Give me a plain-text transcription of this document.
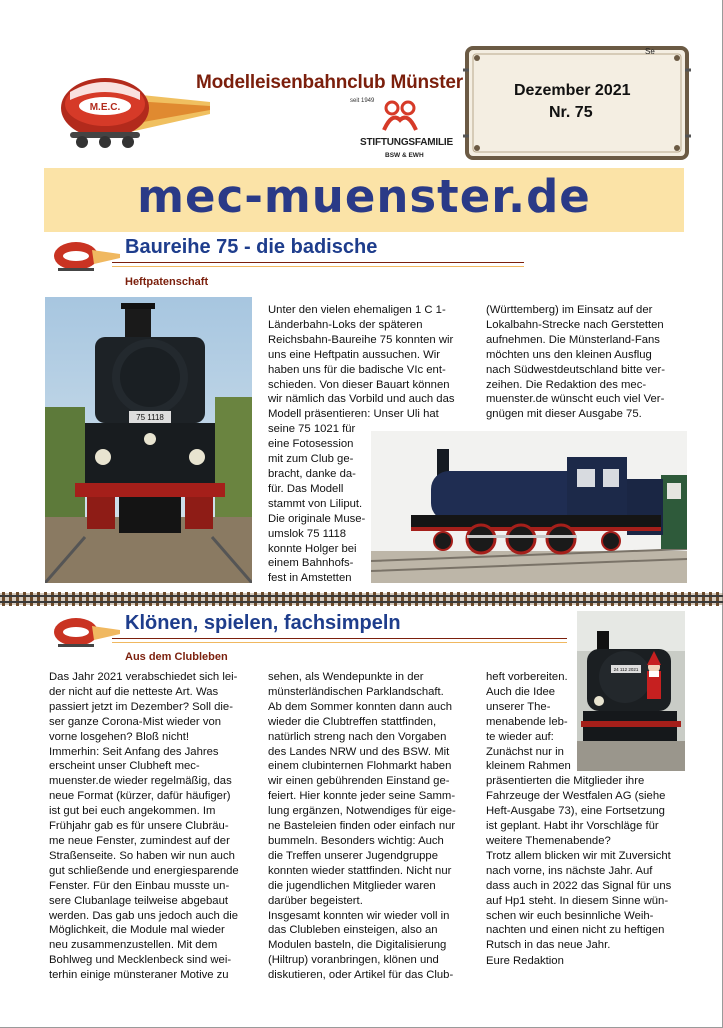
M.E.C.
Modelleisenbahnclub Münster
seit 1949
STIFTUNGSFAMILIE
BSW & EWH
Se
Dezember 2021
Nr. 75
mec-muenster.de
Baureihe 75 - die badische
Heftpatenschaft
75 1118

Unter den vielen ehemaligen 1 C 1-

Länderbahn-Loks der späteren

Reichsbahn-Baureihe 75 konnten wir

uns eine Heftpatin aussuchen. Wir

haben uns für die badische VIc ent-

schieden. Von dieser Bauart können

wir nämlich das Vorbild und auch das

Modell präsentieren: Unser Uli hat

seine 75 1021 für

eine Fotosession

mit zum Club ge-

bracht, danke da-

für. Das Modell

stammt von Liliput.

Die originale Muse-

umslok 75 1118

konnte Holger bei

einem Bahnhofs-

fest in Amstetten

(Württemberg) im Einsatz auf der

Lokalbahn-Strecke nach Gerstetten

aufnehmen. Die Münsterland-Fans

möchten uns den kleinen Ausflug

nach Südwestdeutschland bitte ver-

zeihen. Die Redaktion des mec-

muenster.de wünscht euch viel Ver-

gnügen mit dieser Ausgabe 75.

Klönen, spielen, fachsimpeln
Aus dem Clubleben
24 112 2021

Das Jahr 2021 verabschiedet sich lei-

der nicht auf die netteste Art. Was

passiert jetzt im Dezember? Soll die-

ser ganze Corona-Mist wieder von

vorne losgehen? Bloß nicht!

Immerhin: Seit Anfang des Jahres

erscheint unser Clubheft mec-

muenster.de wieder regelmäßig, das

neue Format (kürzer, dafür häufiger)

ist gut bei euch angekommen. Im

Frühjahr gab es für unsere Clubräu-

me neue Fenster, zumindest auf der

Straßenseite. So haben wir nun auch

gut schließende und energiesparende

Fenster. Für den Einbau musste un-

sere Clubanlage teilweise abgebaut

werden. Das gab uns jedoch auch die

Möglichkeit, die Module mal wieder

neu zusammenzustellen. Mit dem

Bohlweg und Mecklenbeck sind wei-

terhin einige münsteraner Motive zu

sehen, als Wendepunkte in der

münsterländischen Parklandschaft.

Ab dem Sommer konnten dann auch

wieder die Clubtreffen stattfinden,

natürlich streng nach den Vorgaben

des Landes NRW und des BSW. Mit

einem clubinternen Flohmarkt haben

wir einen gebührenden Einstand ge-

feiert. Hier konnte jeder seine Samm-

lung ergänzen, Notwendiges für eige-

ne Basteleien finden oder einfach nur

bummeln. Besonders wichtig: Auch

die Treffen unserer Jugendgruppe

konnten wieder stattfinden. Nicht nur

die jugendlichen Mitglieder waren

darüber begeistert.

Insgesamt konnten wir wieder voll in

das Clubleben einsteigen, also an

Modulen basteln, die Digitalisierung

(Hiltrup) voranbringen, klönen und

diskutieren, oder Artikel für das Club-

heft vorbereiten.

Auch die Idee

unserer The-

menabende leb-

te wieder auf:

Zunächst nur in

kleinem Rahmen

präsentierten die Mitglieder ihre

Fahrzeuge der Westfalen AG (siehe

Heft-Ausgabe 73), eine Fortsetzung

ist geplant. Habt ihr Vorschläge für

weitere Themenabende?

Trotz allem blicken wir mit Zuversicht

nach vorne, ins nächste Jahr. Auf

dass auch in 2022 das Signal für uns

auf Hp1 steht. In diesem Sinne wün-

schen wir euch besinnliche Weih-

nachten und einen nicht zu heftigen

Rutsch in das neue Jahr.

Eure Redaktion
